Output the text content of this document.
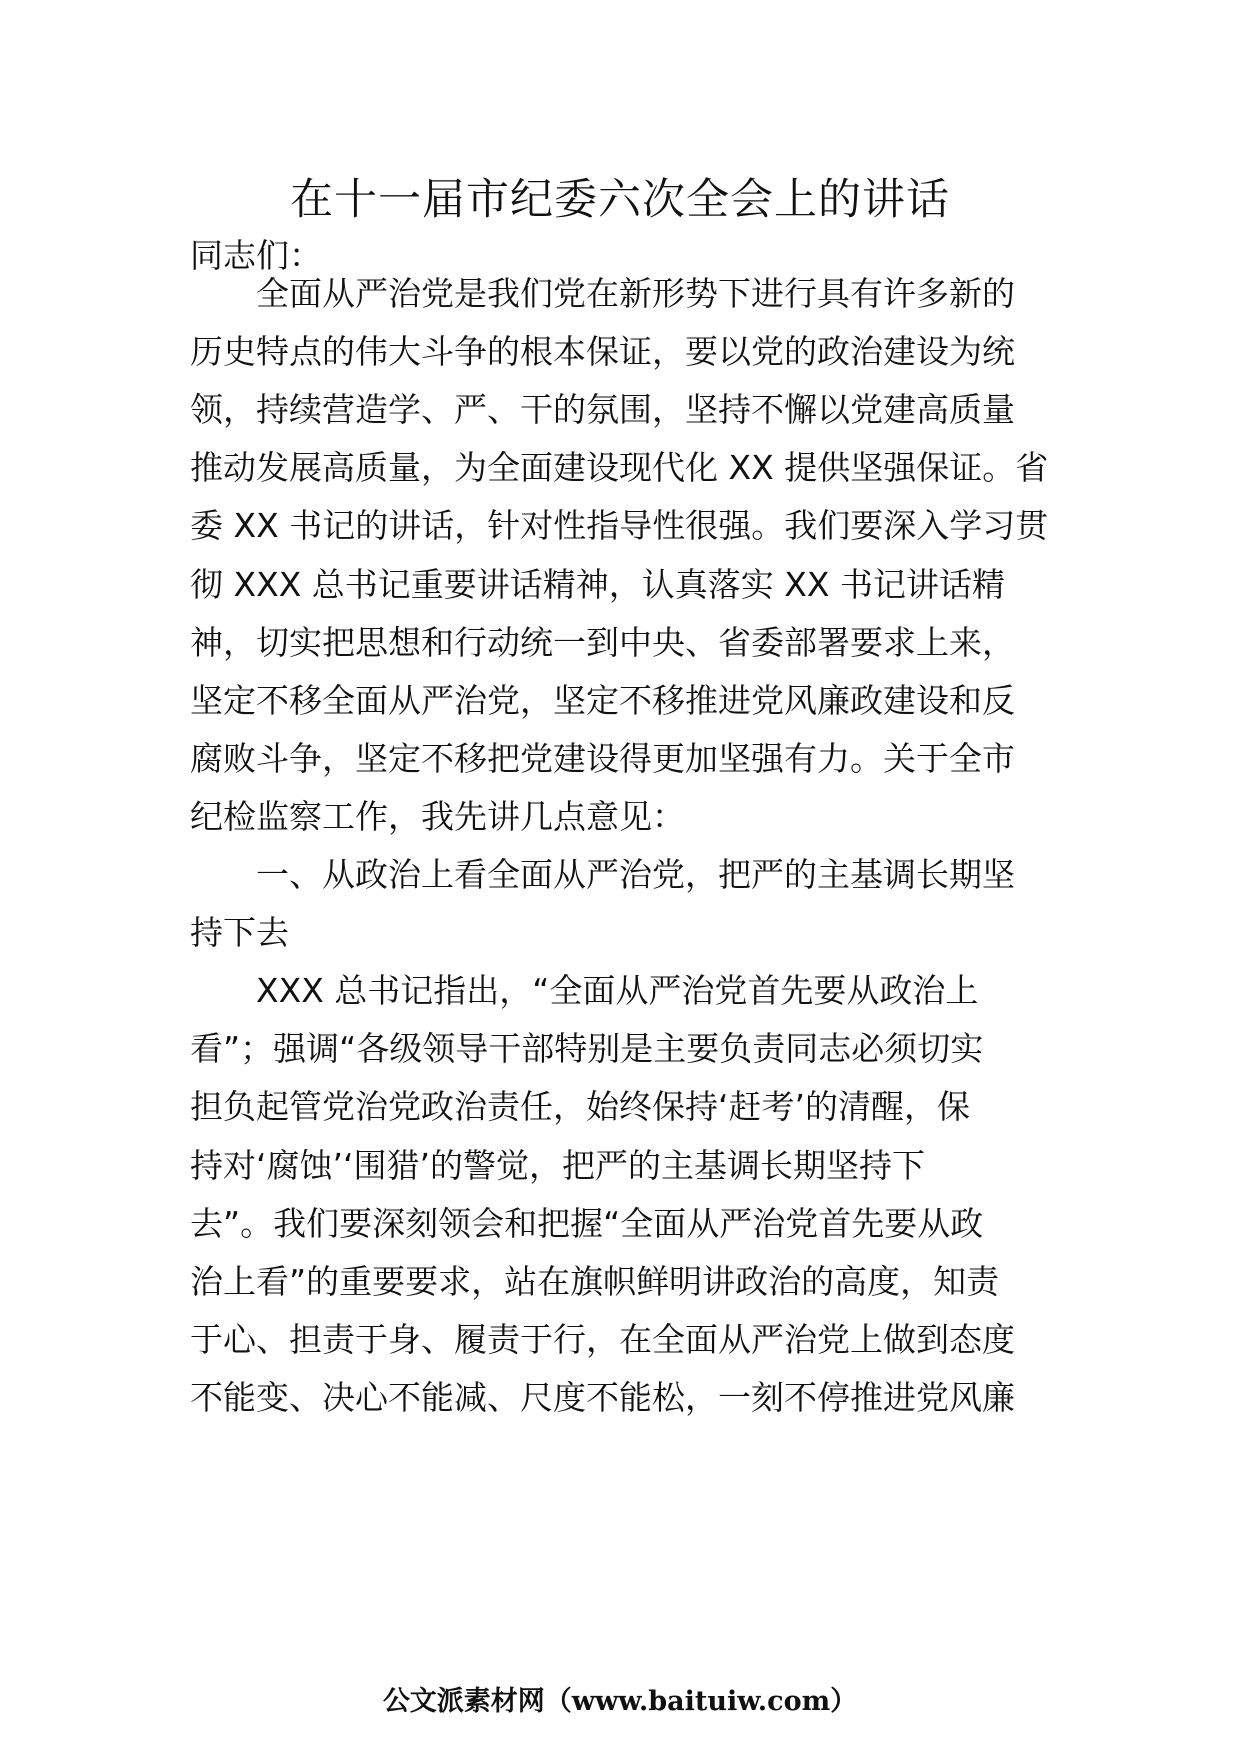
在十一届市纪委六次全会上的讲话
同志们：
　　全面从严治党是我们党在新形势下进行具有许多新的
历史特点的伟大斗争的根本保证，要以党的政治建设为统
领，持续营造学、严、干的氛围，坚持不懈以党建高质量
推动发展高质量，为全面建设现代化 XX 提供坚强保证。省
委 XX 书记的讲话，针对性指导性很强。我们要深入学习贯
彻 XXX 总书记重要讲话精神，认真落实 XX 书记讲话精
神，切实把思想和行动统一到中央、省委部署要求上来，
坚定不移全面从严治党，坚定不移推进党风廉政建设和反
腐败斗争，坚定不移把党建设得更加坚强有力。关于全市
纪检监察工作，我先讲几点意见：
　　一、从政治上看全面从严治党，把严的主基调长期坚
持下去
　　XXX 总书记指出，“全面从严治党首先要从政治上
看”；强调“各级领导干部特别是主要负责同志必须切实
担负起管党治党政治责任，始终保持‘赶考’的清醒，保
持对‘腐蚀’‘围猎’的警觉，把严的主基调长期坚持下
去”。我们要深刻领会和把握“全面从严治党首先要从政
治上看”的重要要求，站在旗帜鲜明讲政治的高度，知责
于心、担责于身、履责于行，在全面从严治党上做到态度
不能变、决心不能减、尺度不能松，一刻不停推进党风廉
公文派素材网（www.baituiw.com）
